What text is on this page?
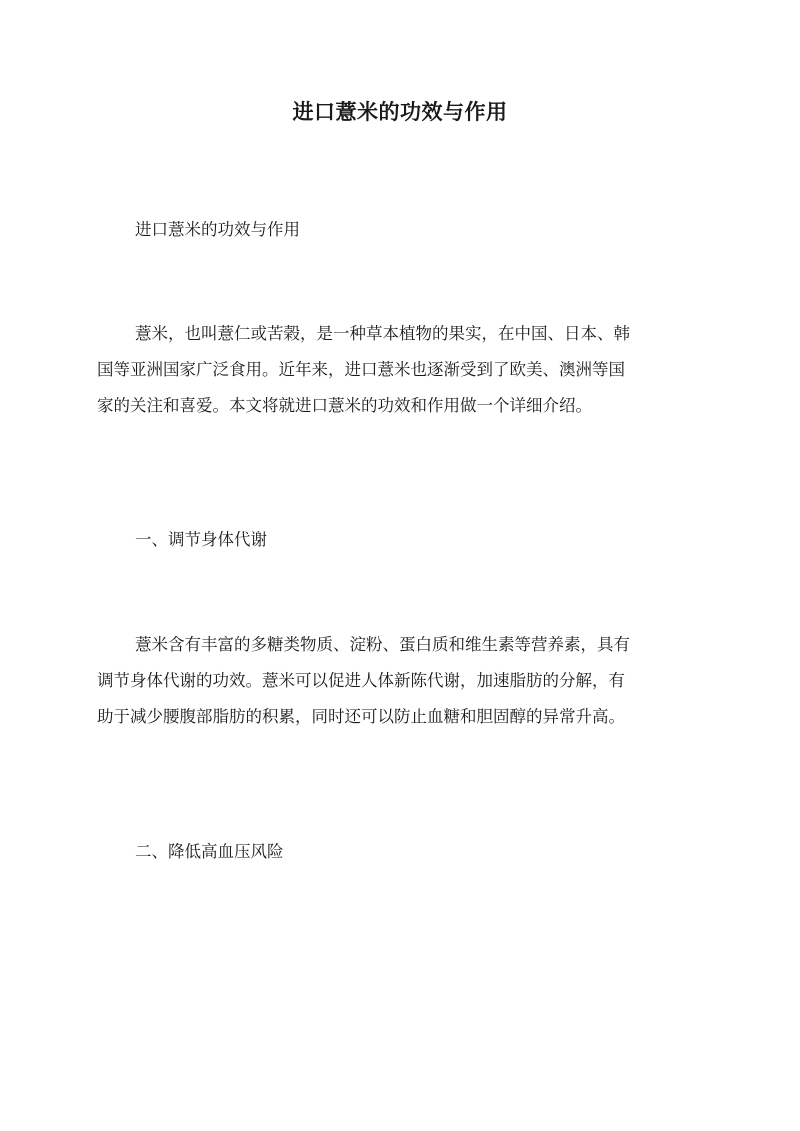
进口薏米的功效与作用
进口薏米的功效与作用
薏米，也叫薏仁或苦榖，是一种草本植物的果实，在中国、日本、韩
国等亚洲国家广泛食用。近年来，进口薏米也逐渐受到了欧美、澳洲等国
家的关注和喜爱。本文将就进口薏米的功效和作用做一个详细介绍。
一、调节身体代谢
薏米含有丰富的多糖类物质、淀粉、蛋白质和维生素等营养素，具有
调节身体代谢的功效。薏米可以促进人体新陈代谢，加速脂肪的分解，有
助于减少腰腹部脂肪的积累，同时还可以防止血糖和胆固醇的异常升高。
二、降低高血压风险
